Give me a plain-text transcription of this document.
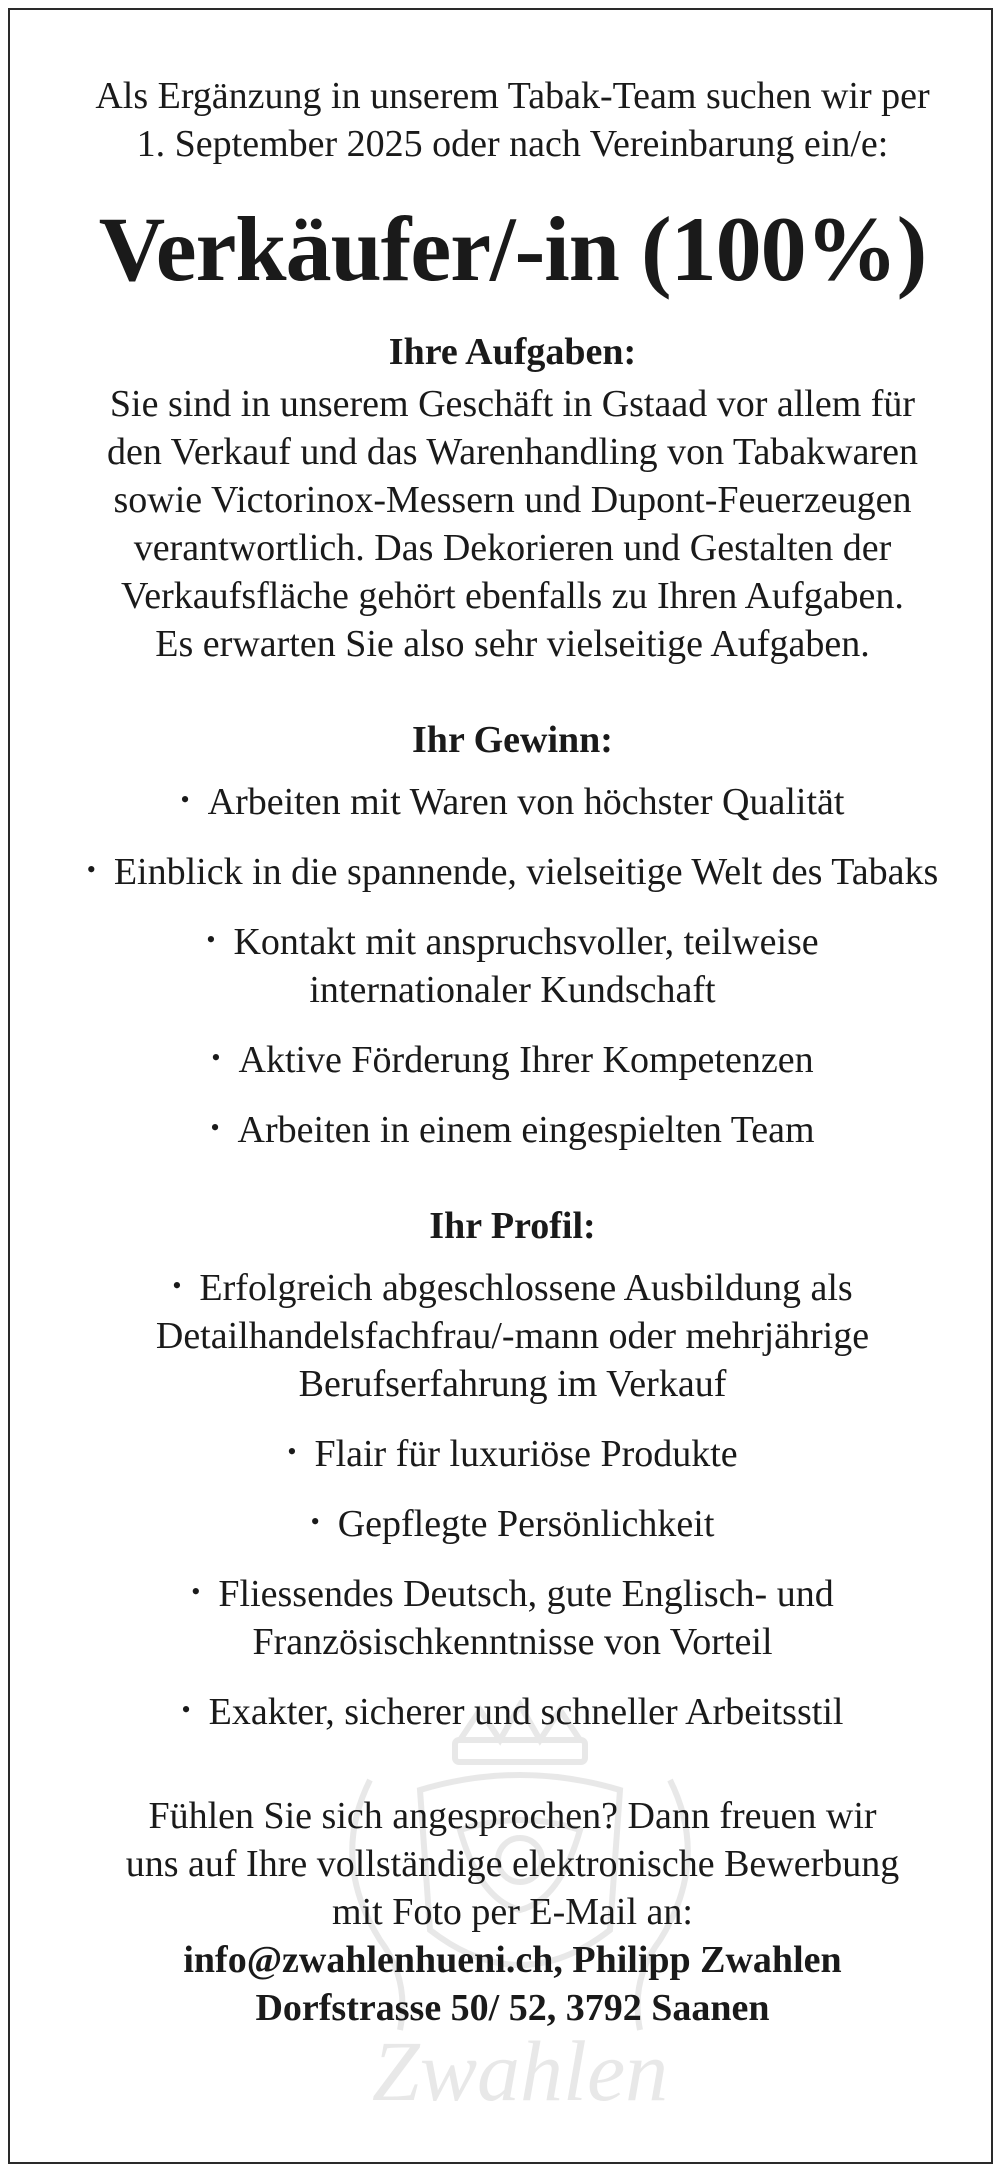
Zwahlen
Als Ergänzung in unserem Tabak-Team suchen wir per
1. September 2025 oder nach Vereinbarung ein/e:
Verkäufer/-in (100%)
Ihre Aufgaben:
Sie sind in unserem Geschäft in Gstaad vor allem für
den Verkauf und das Warenhandling von Tabakwaren
sowie Victorinox-Messern und Dupont-Feuerzeugen
verantwortlich. Das Dekorieren und Gestalten der
Verkaufsfläche gehört ebenfalls zu Ihren Aufgaben.
Es erwarten Sie also sehr vielseitige Aufgaben.
Ihr Gewinn:
• Arbeiten mit Waren von höchster Qualität
• Einblick in die spannende, vielseitige Welt des Tabaks
• Kontakt mit anspruchsvoller, teilweise
internationaler Kundschaft
• Aktive Förderung Ihrer Kompetenzen
• Arbeiten in einem eingespielten Team
Ihr Profil:
• Erfolgreich abgeschlossene Ausbildung als
Detailhandelsfachfrau/-mann oder mehrjährige
Berufserfahrung im Verkauf
• Flair für luxuriöse Produkte
• Gepflegte Persönlichkeit
• Fliessendes Deutsch, gute Englisch- und
Französischkenntnisse von Vorteil
• Exakter, sicherer und schneller Arbeitsstil

Fühlen Sie sich angesprochen? Dann freuen wir

uns auf Ihre vollständige elektronische Bewerbung

mit Foto per E-Mail an:

info@zwahlenhueni.ch, Philipp Zwahlen

Dorfstrasse 50/ 52, 3792 Saanen
